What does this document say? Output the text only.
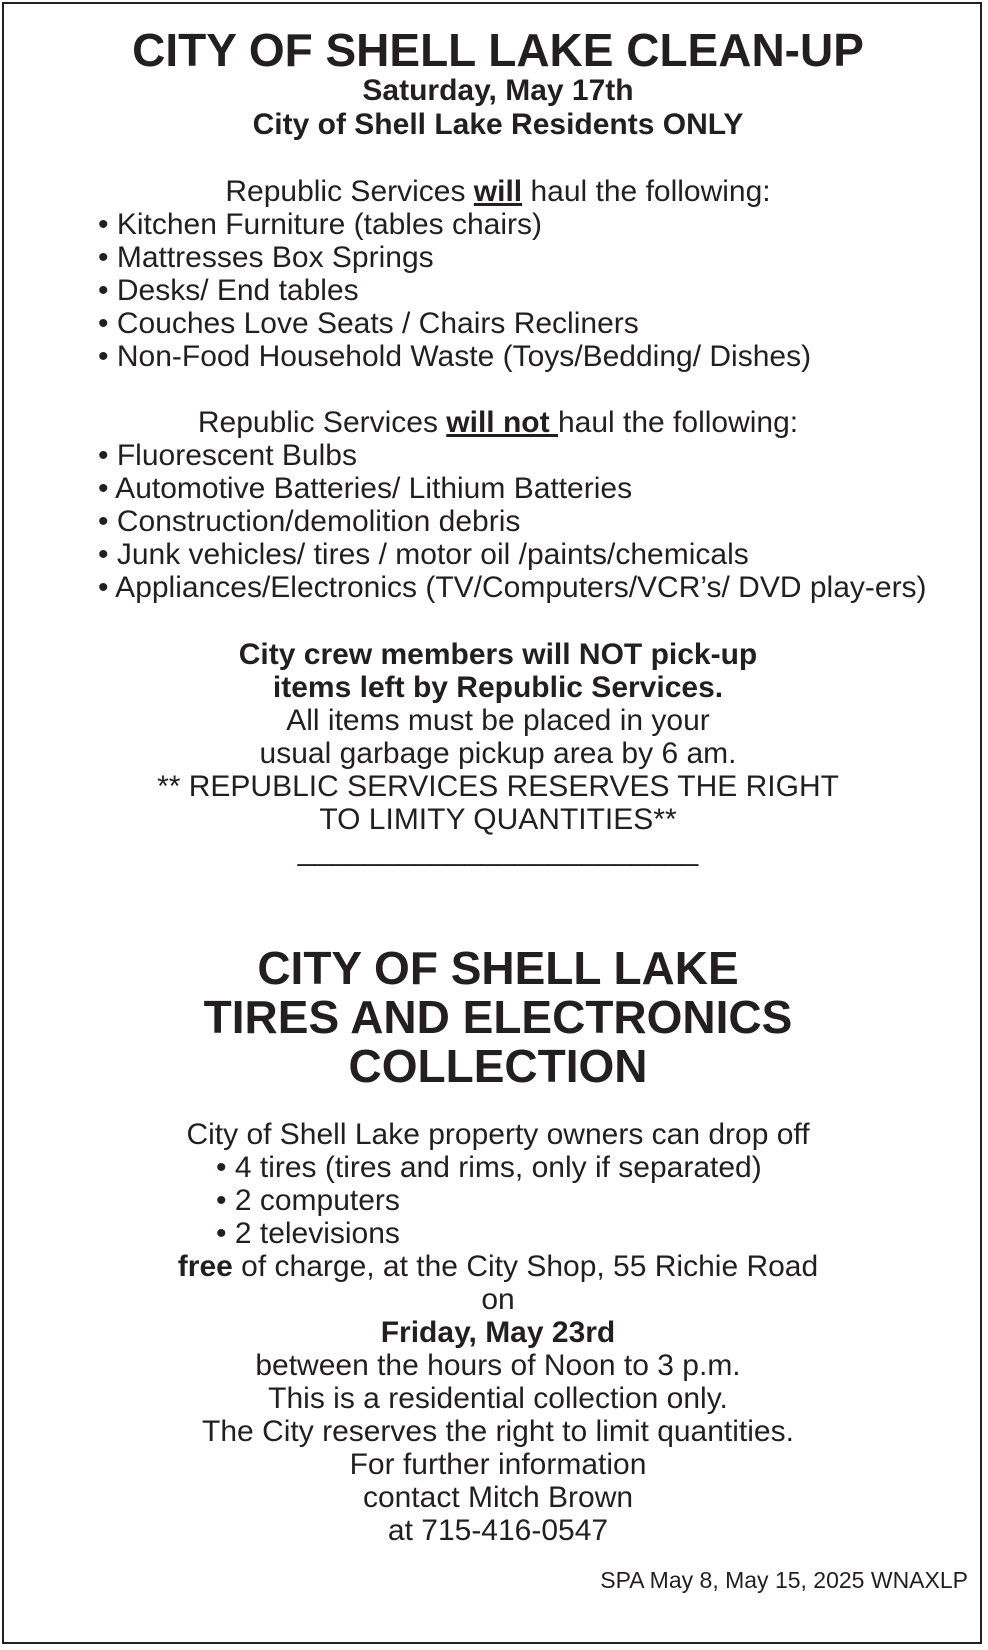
CITY OF SHELL LAKE CLEAN-UP
Saturday, May 17th
City of Shell Lake Residents ONLY
Republic Services will haul the following:
• Kitchen Furniture (tables chairs)
• Mattresses Box Springs
• Desks/ End tables
• Couches Love Seats / Chairs Recliners
• Non-Food Household Waste (Toys/Bedding/ Dishes)
Republic Services will not haul the following:
• Fluorescent Bulbs
• Automotive Batteries/ Lithium Batteries
• Construction/demolition debris
• Junk vehicles/ tires / motor oil /paints/chemicals
• Appliances/Electronics (TV/Computers/VCR’s/ DVD play-ers)
City crew members will NOT pick-up
items left by Republic Services.
All items must be placed in your
usual garbage pickup area by 6 am.
** REPUBLIC SERVICES RESERVES THE RIGHT
TO LIMITY QUANTITIES**
________________________
CITY OF SHELL LAKE
TIRES AND ELECTRONICS
COLLECTION
City of Shell Lake property owners can drop off
• 4 tires (tires and rims, only if separated)
• 2 computers
• 2 televisions
free of charge, at the City Shop, 55 Richie Road
on
Friday, May 23rd
between the hours of Noon to 3 p.m.
This is a residential collection only.
The City reserves the right to limit quantities.
For further information
contact Mitch Brown
at 715-416-0547
SPA May 8, May 15, 2025 WNAXLP
